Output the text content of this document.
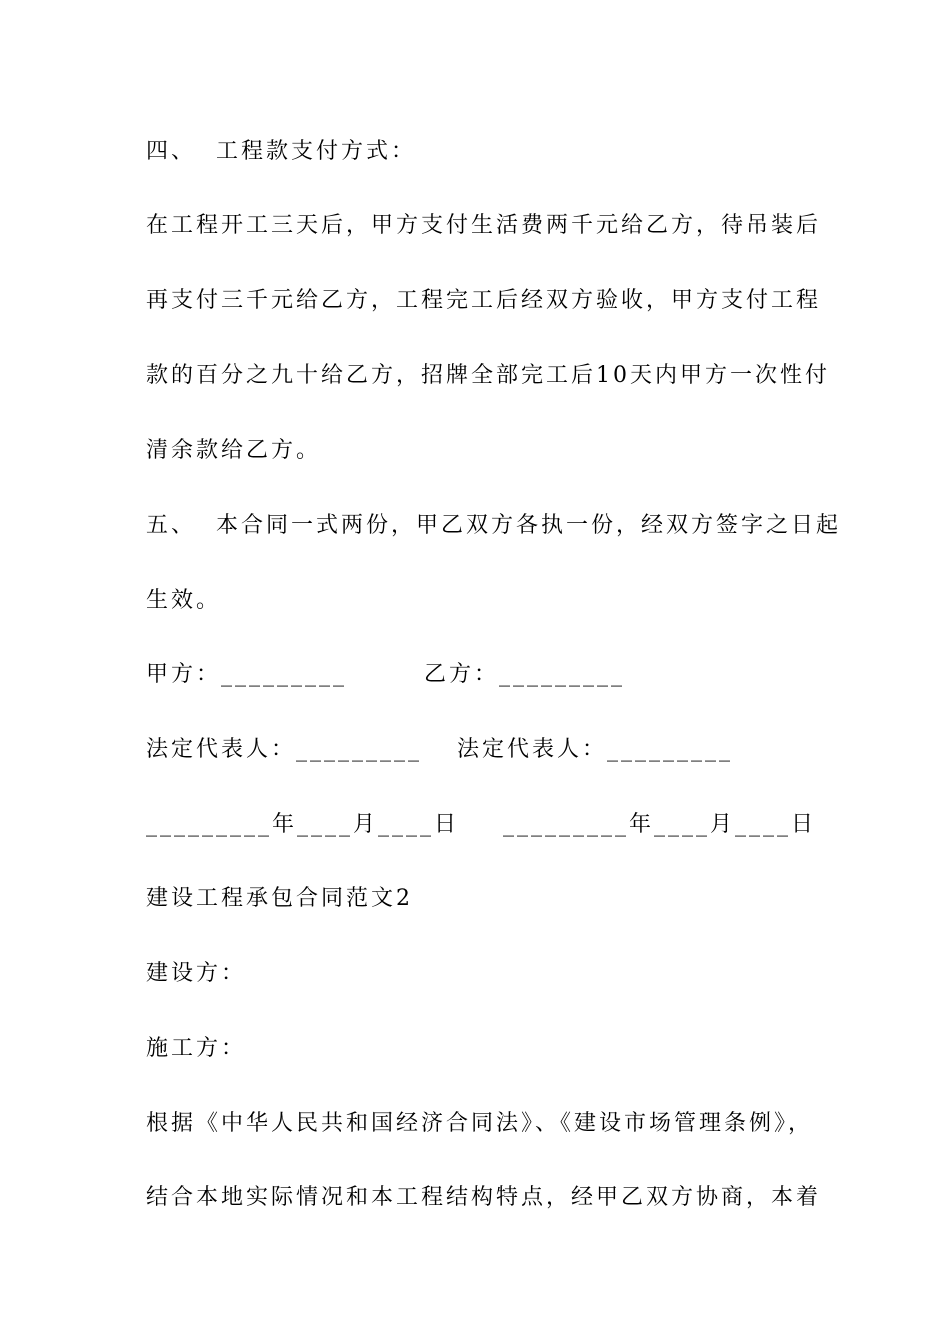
四、  工程款支付方式：
在工程开工三天后，甲方支付生活费两千元给乙方，待吊装后
再支付三千元给乙方，工程完工后经双方验收，甲方支付工程
款的百分之九十给乙方，招牌全部完工后10天内甲方一次性付
清余款给乙方。
五、  本合同一式两份，甲乙双方各执一份，经双方签字之日起
生效。
甲方：_________	乙方：_________
法定代表人：_________ 法定代表人：_________
_________年____月____日 _________年____月____日
建设工程承包合同范文2
建设方：
施工方：
根据《中华人民共和国经济合同法》、《建设市场管理条例》，
结合本地实际情况和本工程结构特点，经甲乙双方协商，本着
